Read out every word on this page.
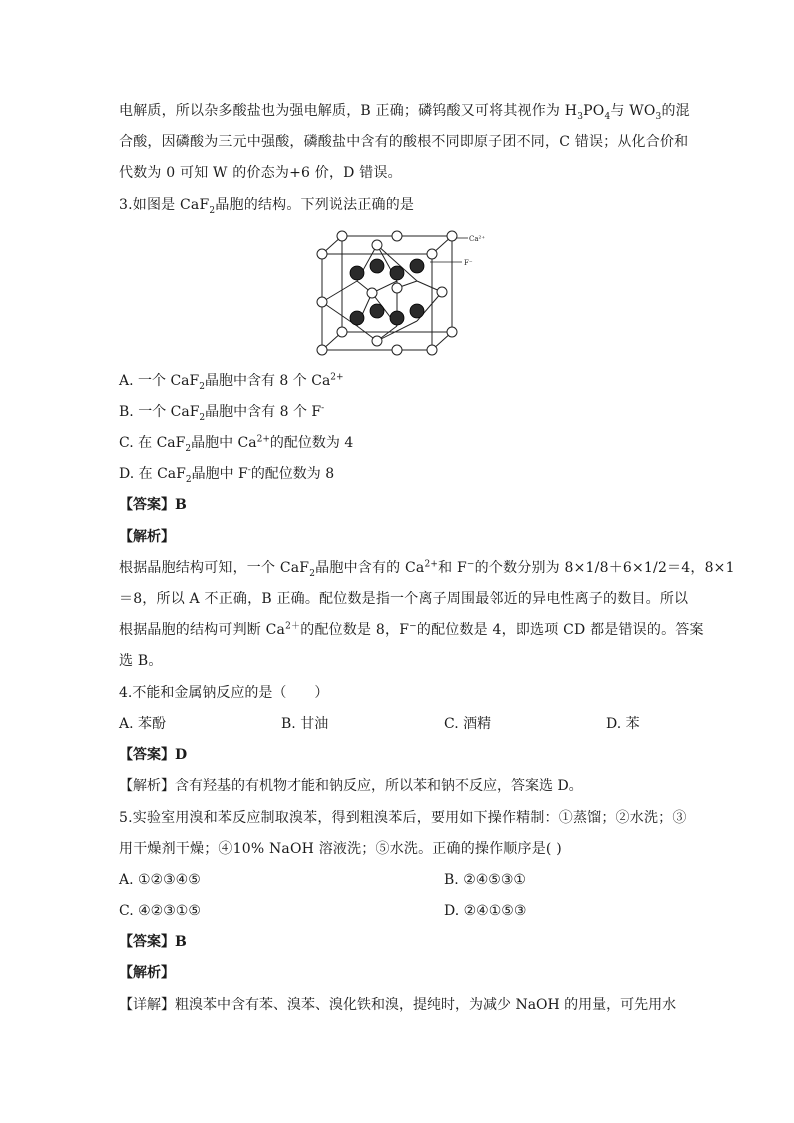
电解质，所以杂多酸盐也为强电解质，B 正确；磷钨酸又可将其视作为 $H_3PO_4$与 $WO_3$的混
合酸，因磷酸为三元中强酸，磷酸盐中含有的酸根不同即原子团不同，C 错误；从化合价和
代数为 0 可知 W 的价态为+6 价，D 错误。
3.如图是 CaF$_2$晶胞的结构。下列说法正确的是
Ca²⁺
F⁻
A. 一个 CaF$_2$晶胞中含有 8 个 $Ca^{2+}$
B. 一个 CaF$_2$晶胞中含有 8 个 F-
C. 在 CaF$_2$晶胞中 $Ca^{2+}$的配位数为 4
D. 在 CaF$_2$晶胞中 F-的配位数为 8
【答案】B
【解析】
根据晶胞结构可知，一个 CaF$_2$晶胞中含有的 $Ca^{2+}$和 F−的个数分别为 8×1/8＋6×1/2＝4，8×1
＝8，所以 A 不正确，B 正确。配位数是指一个离子周围最邻近的异电性离子的数目。所以
根据晶胞的结构可判断 $Ca^{2+}$的配位数是 8，F−的配位数是 4，即选项 CD 都是错误的。答案
选 B。
4.不能和金属钠反应的是（　　）
A. 苯酚	B. 甘油	C. 酒精	D. 苯
【答案】D
【解析】含有羟基的有机物才能和钠反应，所以苯和钠不反应，答案选 D。
5.实验室用溴和苯反应制取溴苯，得到粗溴苯后，要用如下操作精制：①蒸馏；②水洗；③
用干燥剂干燥；④10% NaOH 溶液洗；⑤水洗。正确的操作顺序是( )
A. ①②③④⑤	B. ②④⑤③①
C. ④②③①⑤	D. ②④①⑤③
【答案】B
【解析】
【详解】粗溴苯中含有苯、溴苯、溴化铁和溴，提纯时，为减少 NaOH 的用量，可先用水
